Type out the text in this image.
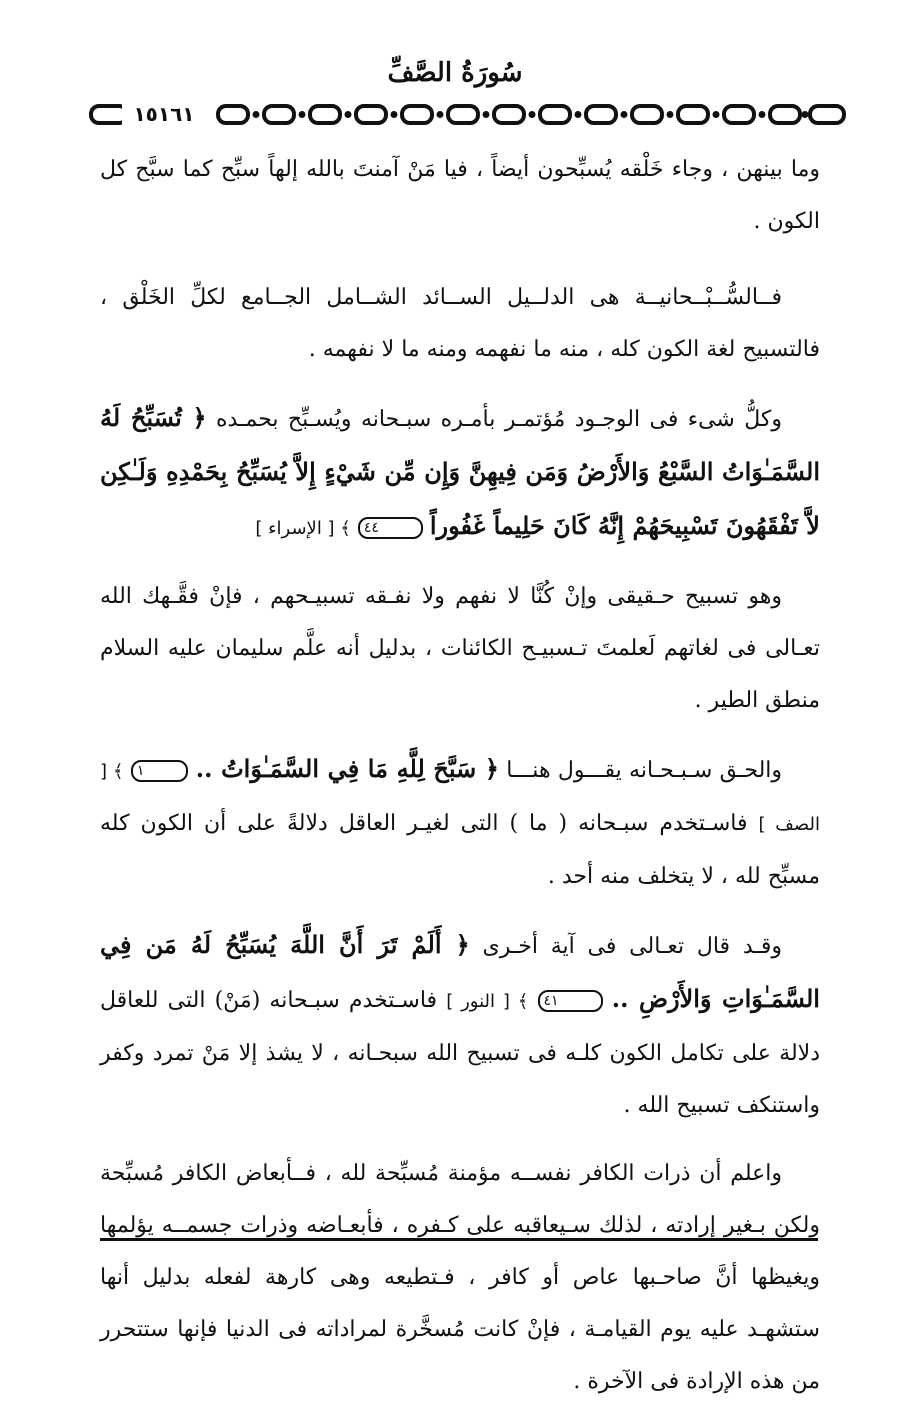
سُورَةُ الصَّفِّ
١٥١٦١

وما بينهن ، وجاء خَلْقه يُسبِّحون أيضاً ، فيا مَنْ آمنتَ بالله إلهاً سبِّح كما سبَّح كل الكون .

فــالسُّــبْــحانيــة هى الدلــيل الســائد الشــامل الجــامع لكلِّ الخَلْق ، فالتسبيح لغة الكون كله ، منه ما نفهمه ومنه ما لا نفهمه .

وكلُّ شىء فى الوجـود مُؤتمـر بأمـره سبـحانه ويُسـبِّح بحمـده ﴿ تُسَبِّحُ لَهُ السَّمَـٰوَاتُ السَّبْعُ وَالأَرْضُ وَمَن فِيهِنَّ وَإِن مِّن شَيْءٍ إِلاَّ يُسَبِّحُ بِحَمْدِهِ وَلَـٰكِن لاَّ تَفْقَهُونَ تَسْبِيحَهُمْ إِنَّهُ كَانَ حَلِيماً غَفُوراً ٤٤ ﴾ [ الإسراء ]

وهو تسبيح حـقيقى وإنْ كُنَّا لا نفهم ولا نفـقه تسبيـحهم ، فإنْ فقَّـهك الله تعـالى فى لغاتهم لَعلمتَ تـسبيـح الكائنات ، بدليل أنه علَّم سليمان عليه السلام منطق الطير .

والحـق سـبـحـانه يقـــول هنـــا ﴿ سَبَّحَ لِلَّهِ مَا فِي السَّمَـٰوَاتُ .. ١ ﴾ [ الصف ] فاسـتخدم سبـحانه ( ما ) التى لغيـر العاقل دلالةً على أن الكون كله مسبِّح لله ، لا يتخلف منه أحد .

وقـد قال تعـالى فى آية أخـرى ﴿ أَلَمْ تَرَ أَنَّ اللَّهَ يُسَبِّحُ لَهُ مَن فِي السَّمَـٰوَاتِ وَالأَرْضِ .. ٤١ ﴾ [ النور ] فاسـتخدم سبـحانه (مَنْ) التى للعاقل دلالة على تكامل الكون كلـه فى تسبيح الله سبحـانه ، لا يشذ إلا مَنْ تمرد وكفر واستنكف تسبيح الله .

واعلم أن ذرات الكافر نفســه مؤمنة مُسبِّحة لله ، فــأبعاض الكافر مُسبِّحة ولكن بـغير إرادته ، لذلك سـيعاقبه على كـفره ، فأبعـاضه وذرات جسمــه يؤلمها ويغيظها أنَّ صاحـبها عاص أو كافر ، فـتطيعه وهى كارهة لفعله بدليل أنها ستشهـد عليه يوم القيامـة ، فإنْ كانت مُسخَّرة لمراداته فى الدنيا فإنها ستتحرر من هذه الإرادة فى الآخرة .
